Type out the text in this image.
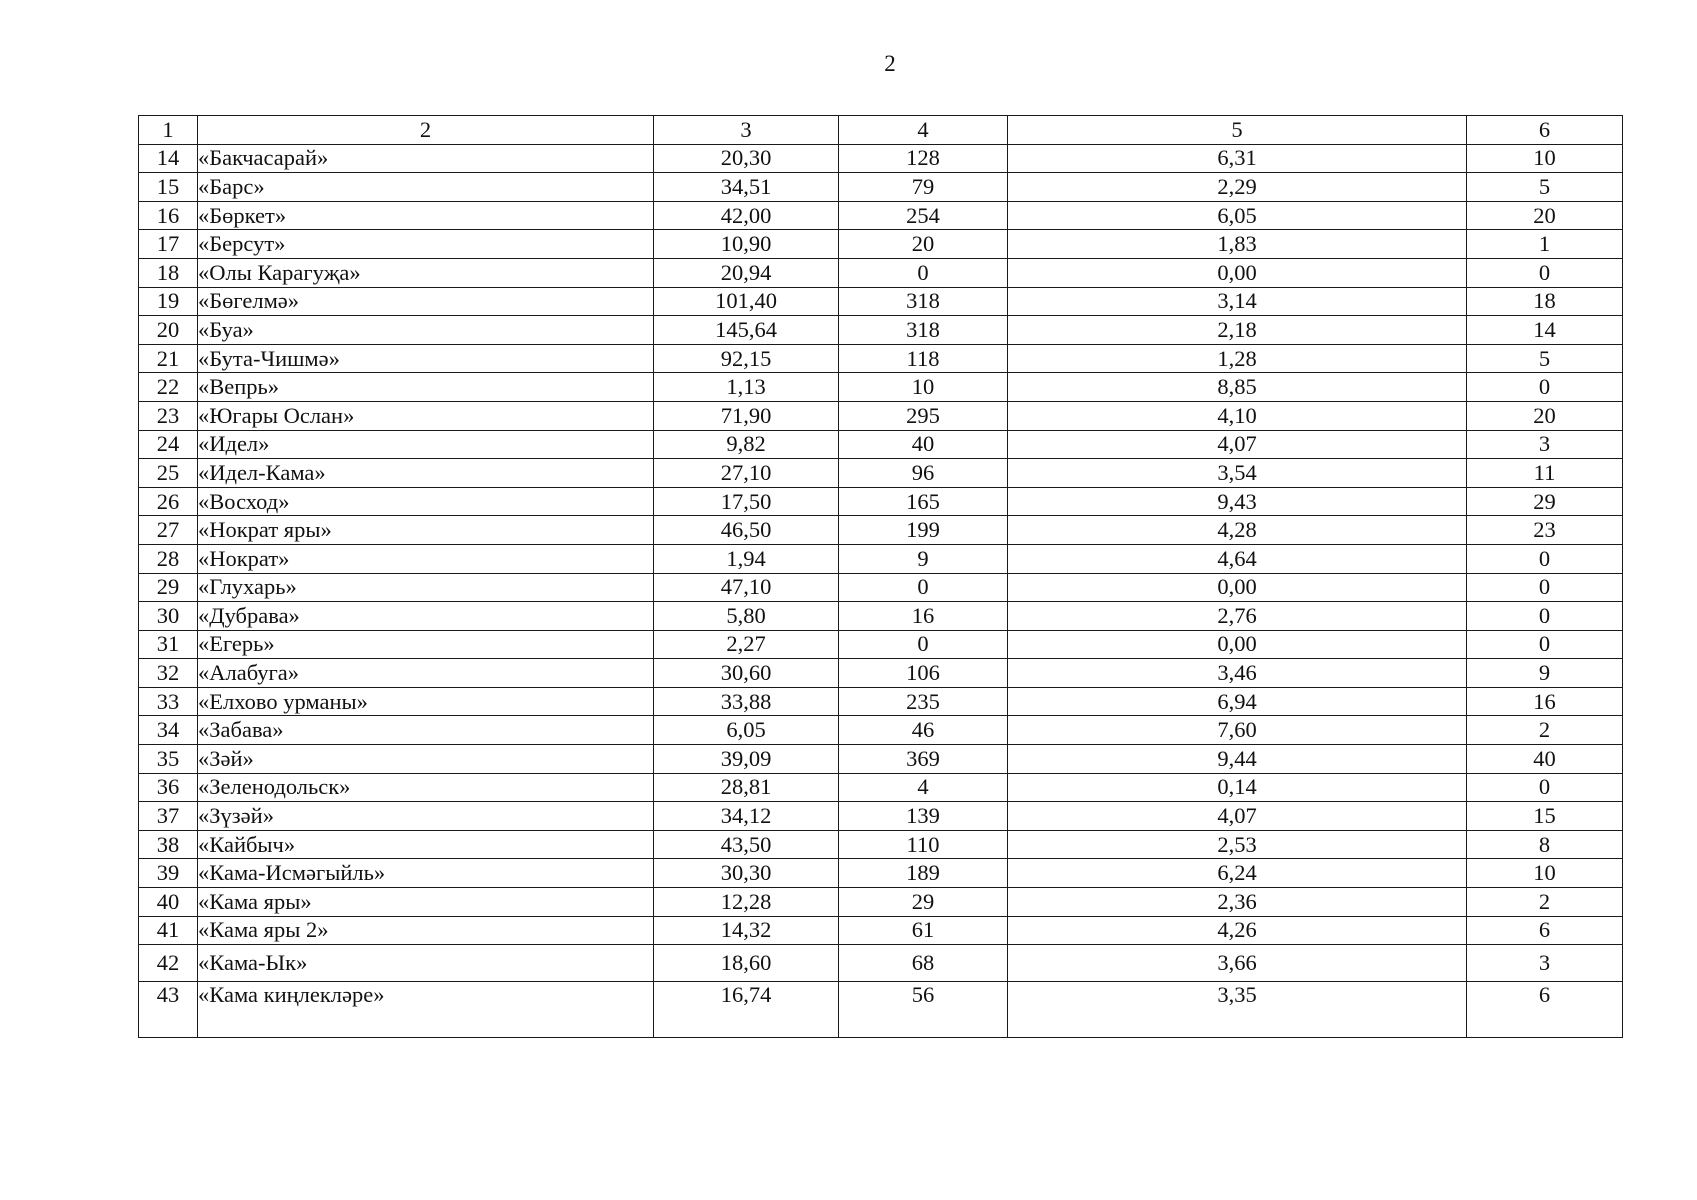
2
1	2	3	4	5	6
14	«Бакчасарай»	20,30	128	6,31	10
15	«Барс»	34,51	79	2,29	5
16	«Бөркет»	42,00	254	6,05	20
17	«Берсут»	10,90	20	1,83	1
18	«Олы Карагуҗа»	20,94	0	0,00	0
19	«Бөгелмә»	101,40	318	3,14	18
20	«Буа»	145,64	318	2,18	14
21	«Бута-Чишмә»	92,15	118	1,28	5
22	«Вепрь»	1,13	10	8,85	0
23	«Югары Ослан»	71,90	295	4,10	20
24	«Идел»	9,82	40	4,07	3
25	«Идел-Кама»	27,10	96	3,54	11
26	«Восход»	17,50	165	9,43	29
27	«Нократ яры»	46,50	199	4,28	23
28	«Нократ»	1,94	9	4,64	0
29	«Глухарь»	47,10	0	0,00	0
30	«Дубрава»	5,80	16	2,76	0
31	«Егерь»	2,27	0	0,00	0
32	«Алабуга»	30,60	106	3,46	9
33	«Елхово урманы»	33,88	235	6,94	16
34	«Забава»	6,05	46	7,60	2
35	«Зәй»	39,09	369	9,44	40
36	«Зеленодольск»	28,81	4	0,14	0
37	«Зүзәй»	34,12	139	4,07	15
38	«Кайбыч»	43,50	110	2,53	8
39	«Кама-Исмәгыйль»	30,30	189	6,24	10
40	«Кама яры»	12,28	29	2,36	2
41	«Кама яры 2»	14,32	61	4,26	6
42	«Кама-Ык»	18,60	68	3,66	3
43	«Кама киңлекләре»	16,74	56	3,35	6
